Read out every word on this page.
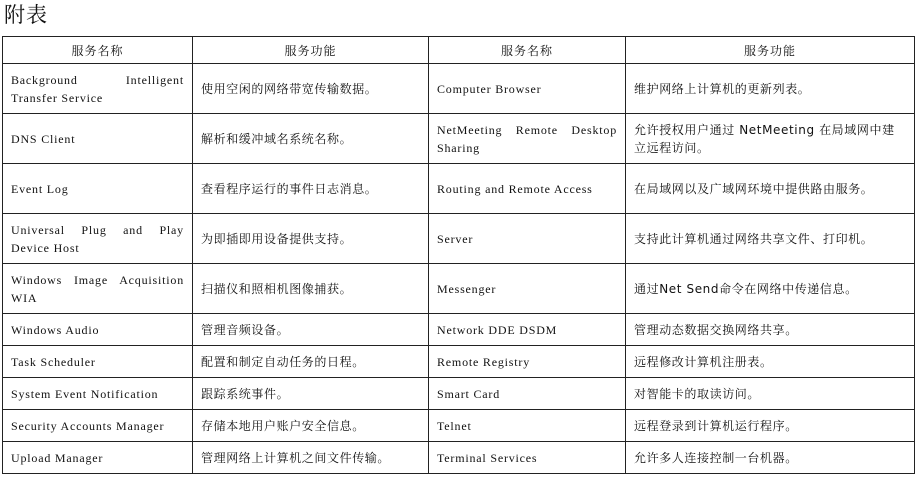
附表
服务名称	服务功能	服务名称	服务功能
Background Intelligent Transfer Service	使用空闲的网络带宽传输数据。	Computer Browser	维护网络上计算机的更新列表。
DNS Client	解析和缓冲域名系统名称。	NetMeeting Remote Desktop Sharing	允许授权用户通过 NetMeeting 在局域网中建立远程访问。
Event Log	查看程序运行的事件日志消息。	Routing and Remote Access	在局域网以及广域网环境中提供路由服务。
Universal Plug and Play Device Host	为即插即用设备提供支持。	Server	支持此计算机通过网络共享文件、打印机。
Windows Image Acquisition WIA	扫描仪和照相机图像捕获。	Messenger	通过Net Send命令在网络中传递信息。
Windows Audio	管理音频设备。	Network DDE DSDM	管理动态数据交换网络共享。
Task Scheduler	配置和制定自动任务的日程。	Remote Registry	远程修改计算机注册表。
System Event Notification	跟踪系统事件。	Smart Card	对智能卡的取读访问。
Security Accounts Manager	存储本地用户账户安全信息。	Telnet	远程登录到计算机运行程序。
Upload Manager	管理网络上计算机之间文件传输。	Terminal Services	允许多人连接控制一台机器。
